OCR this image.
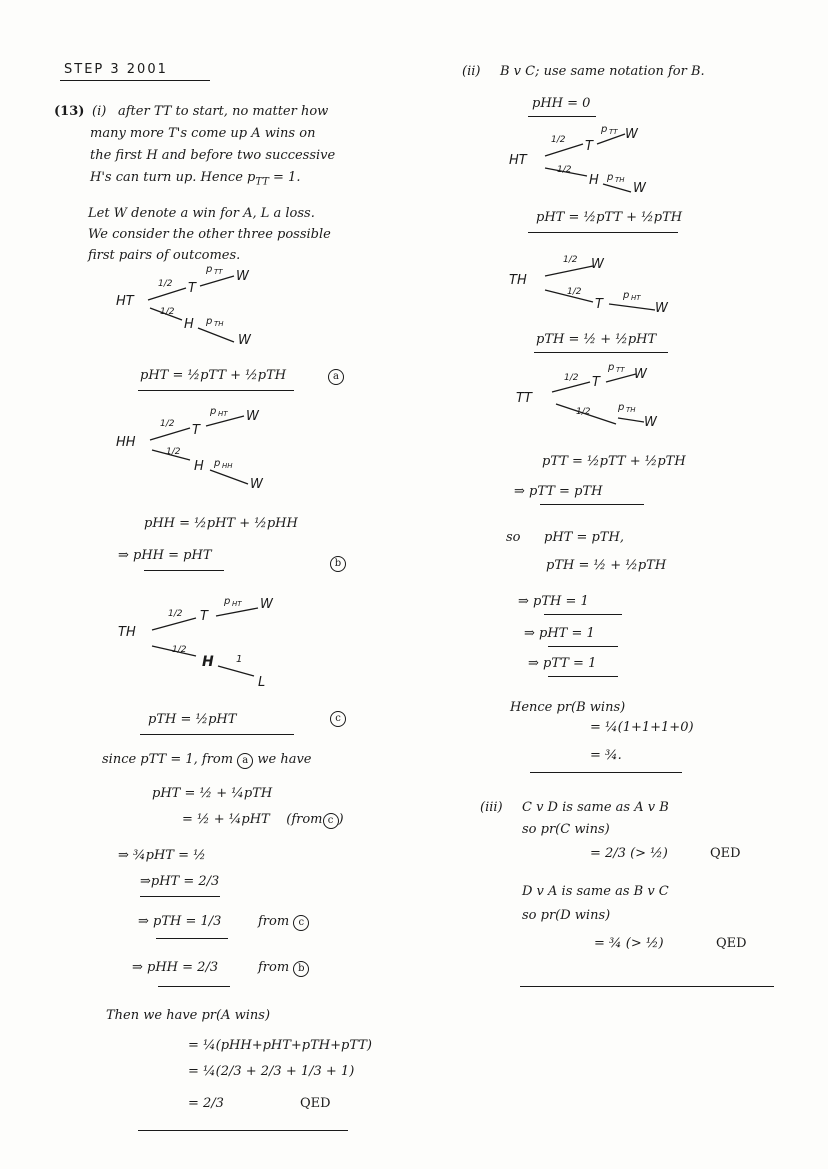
STEP 3 2001
(13) (i) after TT to start, no matter how
many more T's come up A wins on
the first H and before two successive
H's can turn up. Hence $p_{TT} = 1$.
Let W denote a win for A, L a loss.
We consider the other three possible
first pairs of outcomes.
HT
1/2 T
p TT W
1/2
H p TH
W
pHT = ½pTT + ½pTH	a
HH
1/2 T
p HT W
1/2
H p HH
W
pHH = ½pHT + ½pHH
⇒ pHH = pHT
b
TH
1/2 T
p HT W
1/2
H 1
L
pTH = ½pHT	c
since pTT = 1, from a we have
pHT = ½ + ¼pTH
= ½ + ¼pHT (from c )
⇒ ¾pHT = ½
⇒pHT = 2/3
⇒ pTH = 1/3	from c
⇒ pHH = 2/3	from b
Then we have pr(A wins)
= ¼(pHH+pHT+pTH+pTT)
= ¼(2/3 + 2/3 + 1/3 + 1)
= 2/3	QED
(ii) B v C; use same notation for B.
pHH = 0
HT
1/2 T
p TT W
1/2
H p TH
W
pHT = ½pTT + ½pTH
TH
1/2 W
1/2
T
p HT
W
pTH = ½ + ½pHT
TT
1/2 T
p TT W
1/2	p TH
W
pTT = ½pTT + ½pTH
⇒ pTT = pTH
so pHT = pTH,
pTH = ½ + ½pTH
⇒ pTH = 1
⇒ pHT = 1
⇒ pTT = 1
Hence pr(B wins)
= ¼(1+1+1+0)
= ¾.
(iii) C v D is same as A v B
so pr(C wins)
= 2/3 (> ½)	QED
D v A is same as B v C
so pr(D wins)
= ¾ (> ½)	QED
